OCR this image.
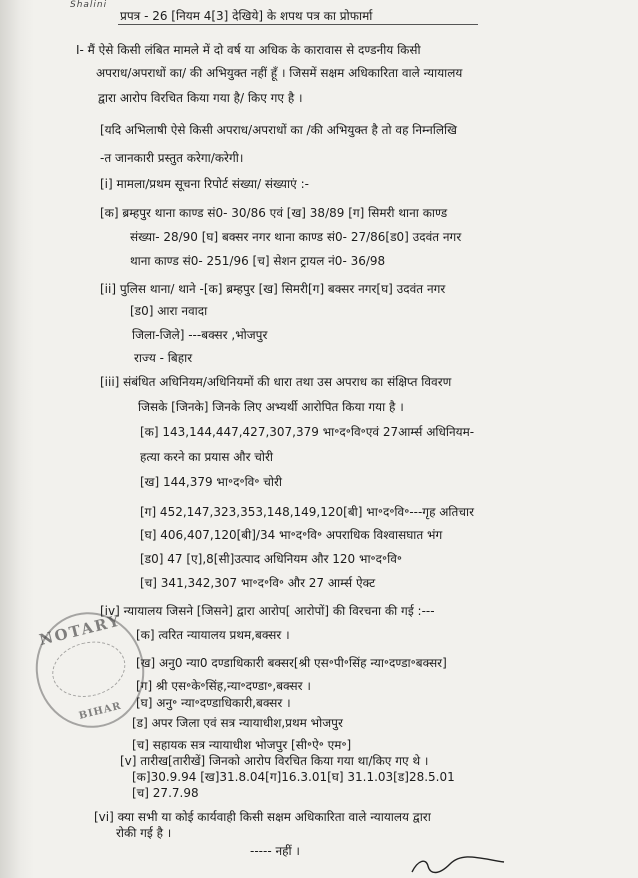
Shalini
प्रपत्र - 26 [नियम 4[3] देखिये] के शपथ पत्र का प्रोफार्मा
I- मैं ऐसे किसी लंबित मामले में दो वर्ष या अधिक के कारावास से दण्डनीय किसी
अपराध/अपराधों का/ की अभियुक्त नहीं हूँ । जिसमें सक्षम अधिकारिता वाले न्यायालय
द्वारा आरोप विरचित किया गया है/ किए गए है ।
[यदि अभिलाषी ऐसे किसी अपराध/अपराधों का /की अभियुक्त है तो वह निम्नलिखि
-त जानकारी प्रस्तुत करेगा/करेगी।
[i] मामला/प्रथम सूचना रिपोर्ट संख्या/ संख्याएं :-
[क] ब्रम्हपुर थाना काण्ड सं0- 30/86 एवं [ख] 38/89 [ग] सिमरी थाना काण्ड
संख्या- 28/90 [घ] बक्सर नगर थाना काण्ड सं0- 27/86[ड0] उदवंत नगर
थाना काण्ड सं0- 251/96 [च] सेशन ट्रायल नं0- 36/98
[ii] पुलिस थाना/ थाने -[क] ब्रम्हपुर [ख] सिमरी[ग] बक्सर नगर[घ] उदवंत नगर
[ड0] आरा नवादा
जिला-जिले] ---बक्सर ,भोजपुर
राज्य - बिहार
[iii] संबंधित अधिनियम/अधिनियमों की धारा तथा उस अपराध का संक्षिप्त विवरण
जिसके [जिनके] जिनके लिए अभ्यर्थी आरोपित किया गया है ।
[क] 143,144,447,427,307,379 भा॰द॰वि॰एवं 27आर्म्स अधिनियम-
हत्या करने का प्रयास और चोरी
[ख] 144,379 भा॰द॰वि॰ चोरी
[ग] 452,147,323,353,148,149,120[बी] भा॰द॰वि॰---गृह अतिचार
[घ] 406,407,120[बी]/34 भा॰द॰वि॰ अपराधिक विश्वासघात भंग
[ड0] 47 [ए],8[सी]उत्पाद अधिनियम और 120 भा॰द॰वि॰
[च] 341,342,307 भा॰द॰वि॰ और 27 आर्म्स ऐक्ट
[iv] न्यायालय जिसने [जिसने] द्वारा आरोप[ आरोपों] की विरचना की गई :---
[क] त्वरित न्यायालय प्रथम,बक्सर ।
[ख] अनु0 न्या0 दण्डाधिकारी बक्सर[श्री एस॰पी॰सिंह न्या॰दण्डा॰बक्सर]
[ग] श्री एस॰के॰सिंह,न्या॰दण्डा॰,बक्सर ।
[घ] अनु॰ न्या॰दण्डाधिकारी,बक्सर ।
[ड] अपर जिला एवं सत्र न्यायाधीश,प्रथम भोजपुर
[च] सहायक सत्र न्यायाधीश भोजपुर [सी॰ऐ॰ एम॰]
[v] तारीख[तारीखें] जिनको आरोप विरचित किया गया था/किए गए थे ।
[क]30.9.94 [ख]31.8.04[ग]16.3.01[घ] 31.1.03[ड]28.5.01
[च] 27.7.98
[vi] क्या सभी या कोई कार्यवाही किसी सक्षम अधिकारिता वाले न्यायालय द्वारा
रोकी गई है ।
----- नहीं ।
NOTARY
BIHAR
